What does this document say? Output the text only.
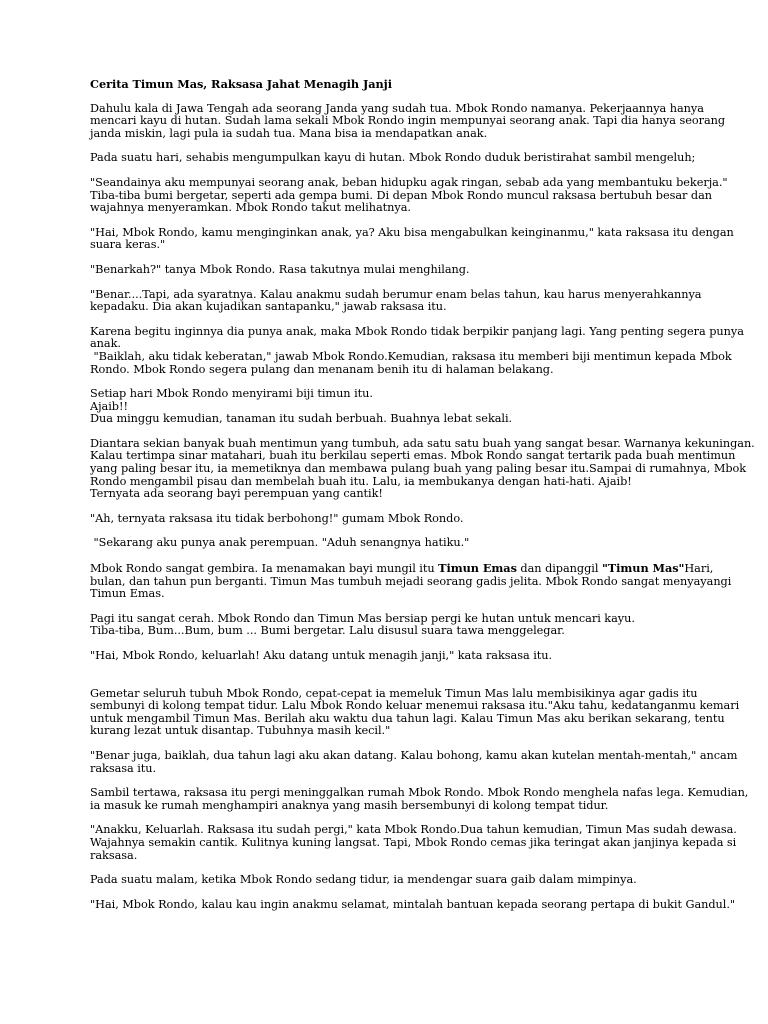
Cerita Timun Mas, Raksasa Jahat Menagih Janji
Dahulu kala di Jawa Tengah ada seorang Janda yang sudah tua. Mbok Rondo namanya. Pekerjaannya hanya
mencari kayu di hutan. Sudah lama sekali Mbok Rondo ingin mempunyai seorang anak. Tapi dia hanya seorang
janda miskin, lagi pula ia sudah tua. Mana bisa ia mendapatkan anak.
Pada suatu hari, sehabis mengumpulkan kayu di hutan. Mbok Rondo duduk beristirahat sambil mengeluh;
"Seandainya aku mempunyai seorang anak, beban hidupku agak ringan, sebab ada yang membantuku bekerja."
Tiba-tiba bumi bergetar, seperti ada gempa bumi. Di depan Mbok Rondo muncul raksasa bertubuh besar dan
wajahnya menyeramkan. Mbok Rondo takut melihatnya.
"Hai, Mbok Rondo, kamu menginginkan anak, ya? Aku bisa mengabulkan keinginanmu," kata raksasa itu dengan
suara keras."
"Benarkah?" tanya Mbok Rondo. Rasa takutnya mulai menghilang.
"Benar....Tapi, ada syaratnya. Kalau anakmu sudah berumur enam belas tahun, kau harus menyerahkannya
kepadaku. Dia akan kujadikan santapanku," jawab raksasa itu.
Karena begitu inginnya dia punya anak, maka Mbok Rondo tidak berpikir panjang lagi. Yang penting segera punya
anak.
"Baiklah, aku tidak keberatan," jawab Mbok Rondo.Kemudian, raksasa itu memberi biji mentimun kepada Mbok
Rondo. Mbok Rondo segera pulang dan menanam benih itu di halaman belakang.
Setiap hari Mbok Rondo menyirami biji timun itu.
Ajaib!!
Dua minggu kemudian, tanaman itu sudah berbuah. Buahnya lebat sekali.
Diantara sekian banyak buah mentimun yang tumbuh, ada satu satu buah yang sangat besar. Warnanya kekuningan.
Kalau tertimpa sinar matahari, buah itu berkilau seperti emas. Mbok Rondo sangat tertarik pada buah mentimun
yang paling besar itu, ia memetiknya dan membawa pulang buah yang paling besar itu.Sampai di rumahnya, Mbok
Rondo mengambil pisau dan membelah buah itu. Lalu, ia membukanya dengan hati-hati. Ajaib!
Ternyata ada seorang bayi perempuan yang cantik!
"Ah, ternyata raksasa itu tidak berbohong!" gumam Mbok Rondo.
"Sekarang aku punya anak perempuan. "Aduh senangnya hatiku."
Mbok Rondo sangat gembira. Ia menamakan bayi mungil itu Timun Emas dan dipanggil "Timun Mas"Hari,
bulan, dan tahun pun berganti. Timun Mas tumbuh mejadi seorang gadis jelita. Mbok Rondo sangat menyayangi
Timun Emas.
Pagi itu sangat cerah. Mbok Rondo dan Timun Mas bersiap pergi ke hutan untuk mencari kayu.
Tiba-tiba, Bum...Bum, bum ... Bumi bergetar. Lalu disusul suara tawa menggelegar.
"Hai, Mbok Rondo, keluarlah! Aku datang untuk menagih janji," kata raksasa itu.
Gemetar seluruh tubuh Mbok Rondo, cepat-cepat ia memeluk Timun Mas lalu membisikinya agar gadis itu
sembunyi di kolong tempat tidur. Lalu Mbok Rondo keluar menemui raksasa itu."Aku tahu, kedatanganmu kemari
untuk mengambil Timun Mas. Berilah aku waktu dua tahun lagi. Kalau Timun Mas aku berikan sekarang, tentu
kurang lezat untuk disantap. Tubuhnya masih kecil."
"Benar juga, baiklah, dua tahun lagi aku akan datang. Kalau bohong, kamu akan kutelan mentah-mentah," ancam
raksasa itu.
Sambil tertawa, raksasa itu pergi meninggalkan rumah Mbok Rondo. Mbok Rondo menghela nafas lega. Kemudian,
ia masuk ke rumah menghampiri anaknya yang masih bersembunyi di kolong tempat tidur.
"Anakku, Keluarlah. Raksasa itu sudah pergi," kata Mbok Rondo.Dua tahun kemudian, Timun Mas sudah dewasa.
Wajahnya semakin cantik. Kulitnya kuning langsat. Tapi, Mbok Rondo cemas jika teringat akan janjinya kepada si
raksasa.
Pada suatu malam, ketika Mbok Rondo sedang tidur, ia mendengar suara gaib dalam mimpinya.
"Hai, Mbok Rondo, kalau kau ingin anakmu selamat, mintalah bantuan kepada seorang pertapa di bukit Gandul."
